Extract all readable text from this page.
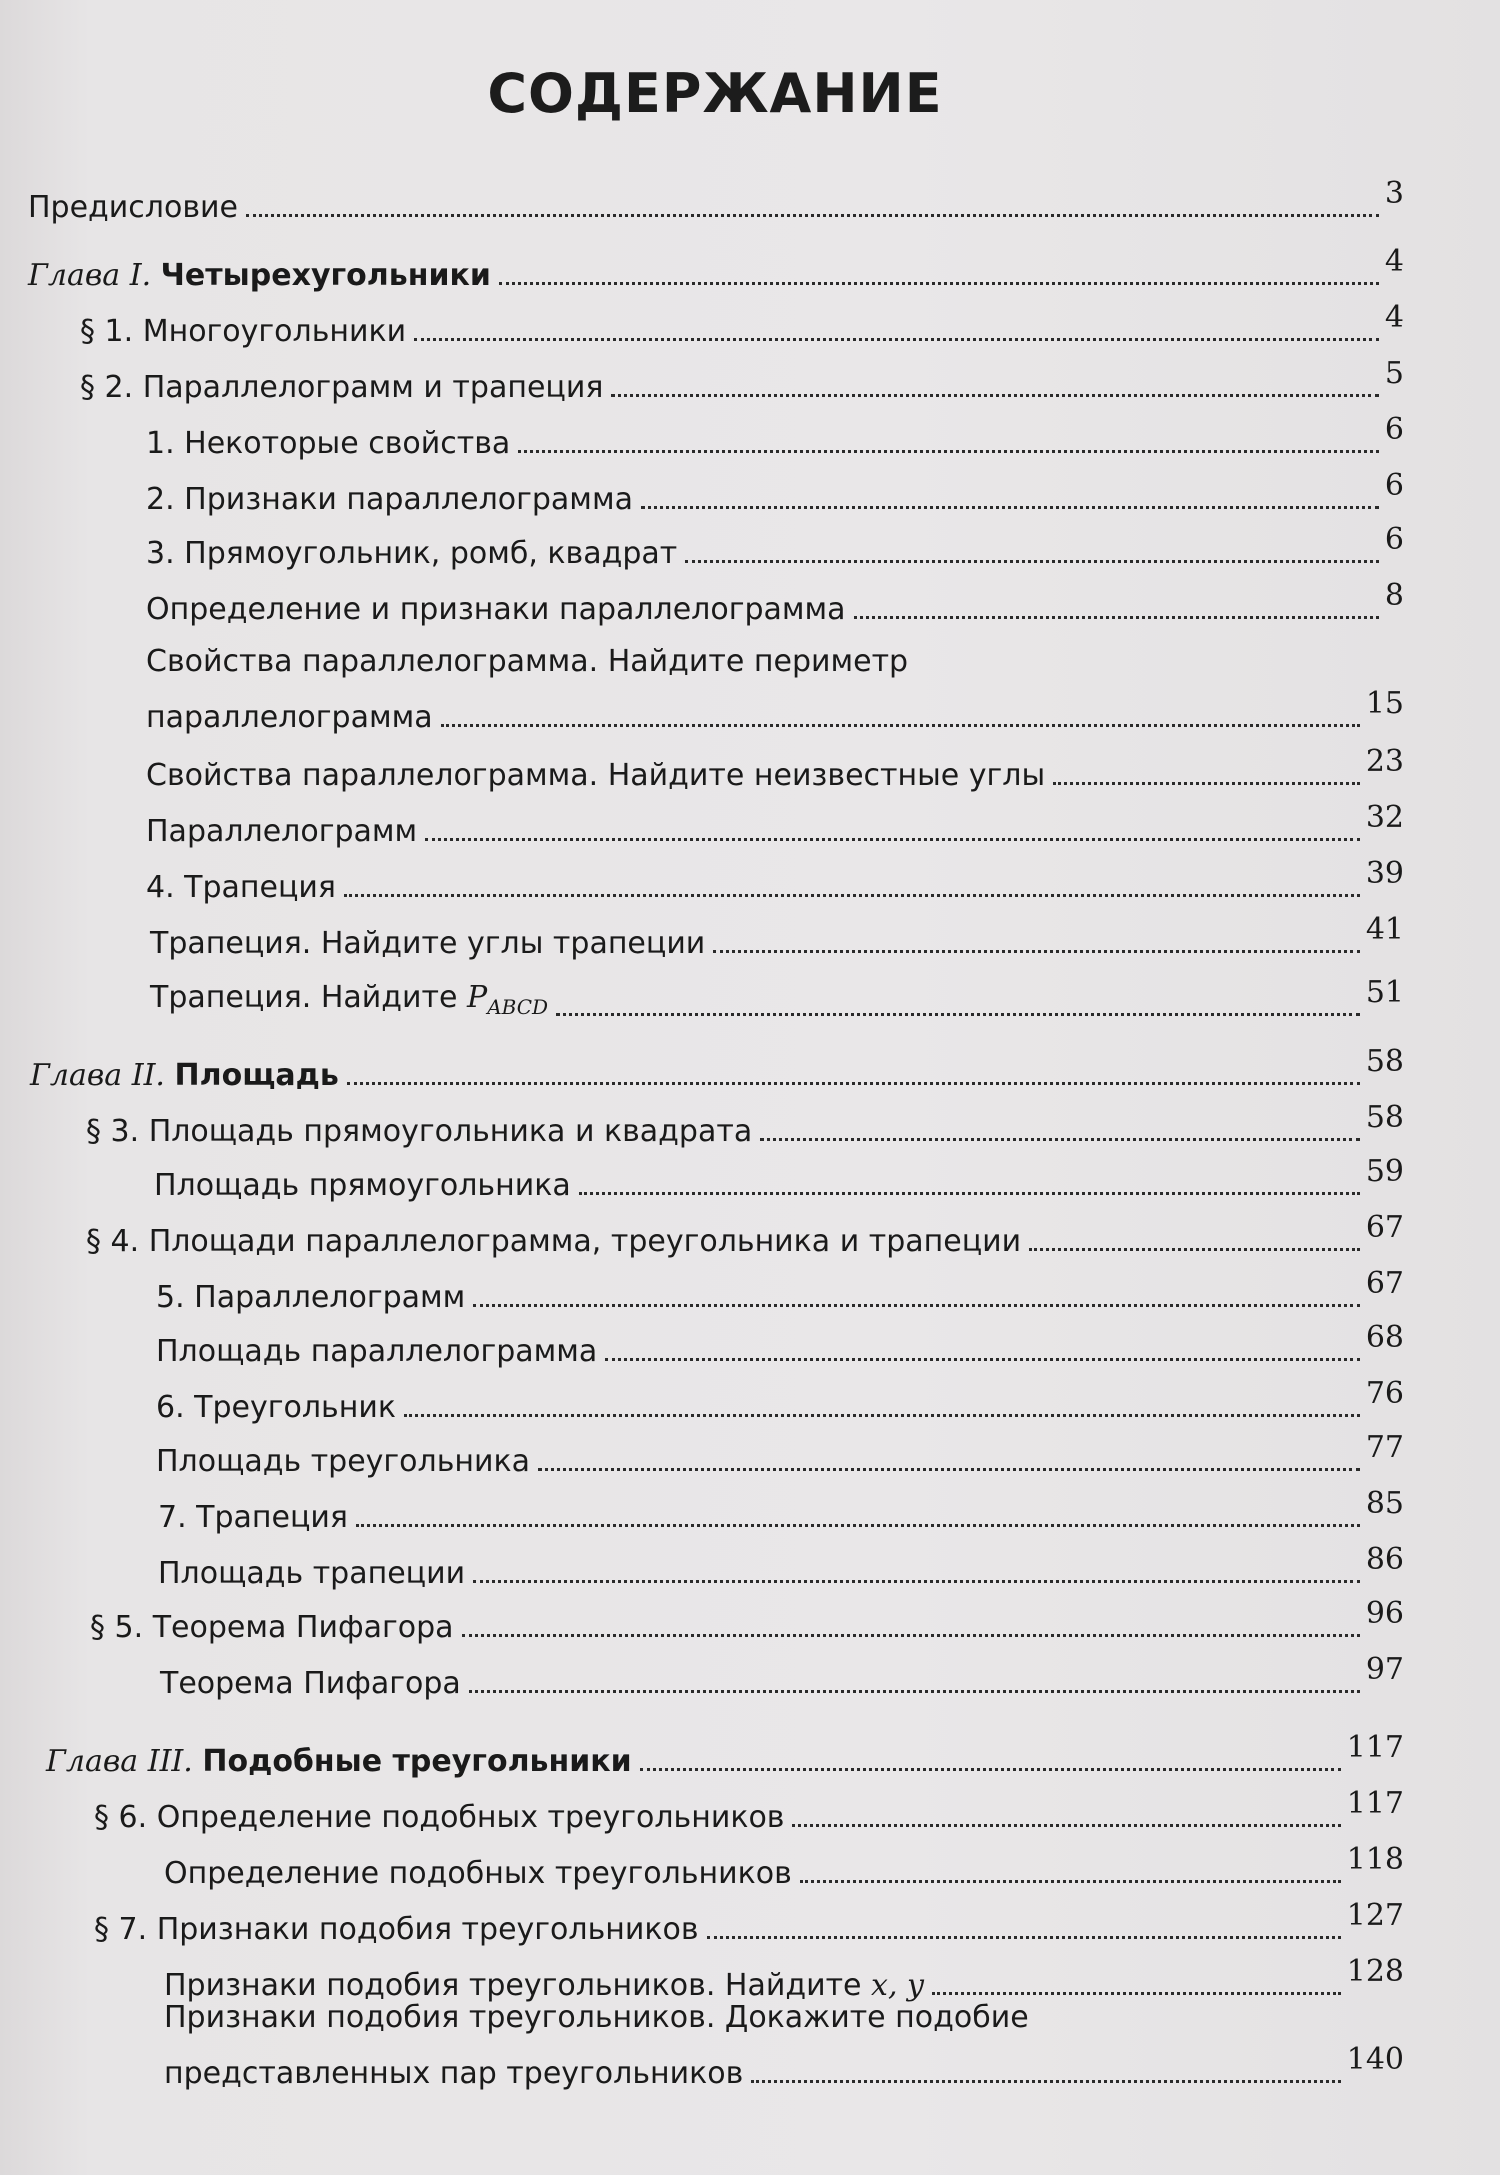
СОДЕРЖАНИЕ
Предисловие	3
Глава I. Четырехугольники	4
§ 1. Многоугольники	4
§ 2. Параллелограмм и трапеция	5
1. Некоторые свойства	6
2. Признаки параллелограмма	6
3. Прямоугольник, ромб, квадрат	6
Определение и признаки параллелограмма	8
Свойства параллелограмма. Найдите периметр
параллелограмма	15
Свойства параллелограмма. Найдите неизвестные углы	23
Параллелограмм	32
4. Трапеция	39
Трапеция. Найдите углы трапеции	41
Трапеция. Найдите $P_{ABCD}$	51
Глава II. Площадь	58
§ 3. Площадь прямоугольника и квадрата	58
Площадь прямоугольника	59
§ 4. Площади параллелограмма, треугольника и трапеции	67
5. Параллелограмм	67
Площадь параллелограмма	68
6. Треугольник	76
Площадь треугольника	77
7. Трапеция	85
Площадь трапеции	86
§ 5. Теорема Пифагора	96
Теорема Пифагора	97
Глава III. Подобные треугольники	117
§ 6. Определение подобных треугольников	117
Определение подобных треугольников	118
§ 7. Признаки подобия треугольников	127
Признаки подобия треугольников. Найдите x, y	128
Признаки подобия треугольников. Докажите подобие
представленных пар треугольников	140
